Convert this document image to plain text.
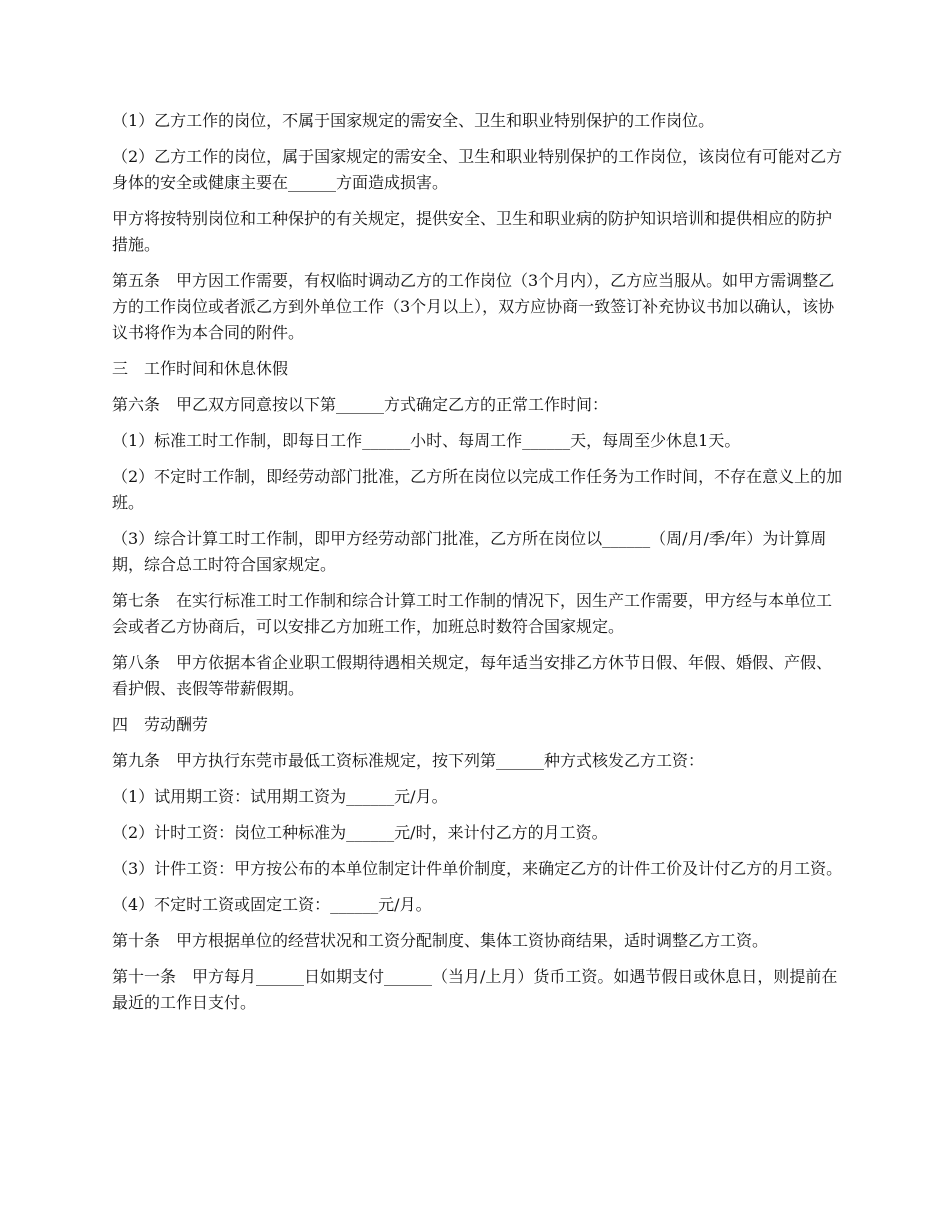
（1）乙方工作的岗位，不属于国家规定的需安全、卫生和职业特别保护的工作岗位。

（2）乙方工作的岗位，属于国家规定的需安全、卫生和职业特别保护的工作岗位，该岗位有可能对乙方身体的安全或健康主要在______方面造成损害。

甲方将按特别岗位和工种保护的有关规定，提供安全、卫生和职业病的防护知识培训和提供相应的防护措施。

第五条　甲方因工作需要，有权临时调动乙方的工作岗位（3个月内），乙方应当服从。如甲方需调整乙方的工作岗位或者派乙方到外单位工作（3个月以上），双方应协商一致签订补充协议书加以确认，该协议书将作为本合同的附件。

三　工作时间和休息休假

第六条　甲乙双方同意按以下第______方式确定乙方的正常工作时间：

（1）标准工时工作制，即每日工作______小时、每周工作______天，每周至少休息1天。

（2）不定时工作制，即经劳动部门批准，乙方所在岗位以完成工作任务为工作时间，不存在意义上的加班。

（3）综合计算工时工作制，即甲方经劳动部门批准，乙方所在岗位以______（周/月/季/年）为计算周期，综合总工时符合国家规定。

第七条　在实行标准工时工作制和综合计算工时工作制的情况下，因生产工作需要，甲方经与本单位工会或者乙方协商后，可以安排乙方加班工作，加班总时数符合国家规定。

第八条　甲方依据本省企业职工假期待遇相关规定，每年适当安排乙方休节日假、年假、婚假、产假、看护假、丧假等带薪假期。

四　劳动酬劳

第九条　甲方执行东莞市最低工资标准规定，按下列第______种方式核发乙方工资：

（1）试用期工资：试用期工资为______元/月。

（2）计时工资：岗位工种标准为______元/时，来计付乙方的月工资。

（3）计件工资：甲方按公布的本单位制定计件单价制度，来确定乙方的计件工价及计付乙方的月工资。

（4）不定时工资或固定工资：______元/月。

第十条　甲方根据单位的经营状况和工资分配制度、集体工资协商结果，适时调整乙方工资。

第十一条　甲方每月______日如期支付______（当月/上月）货币工资。如遇节假日或休息日，则提前在最近的工作日支付。
